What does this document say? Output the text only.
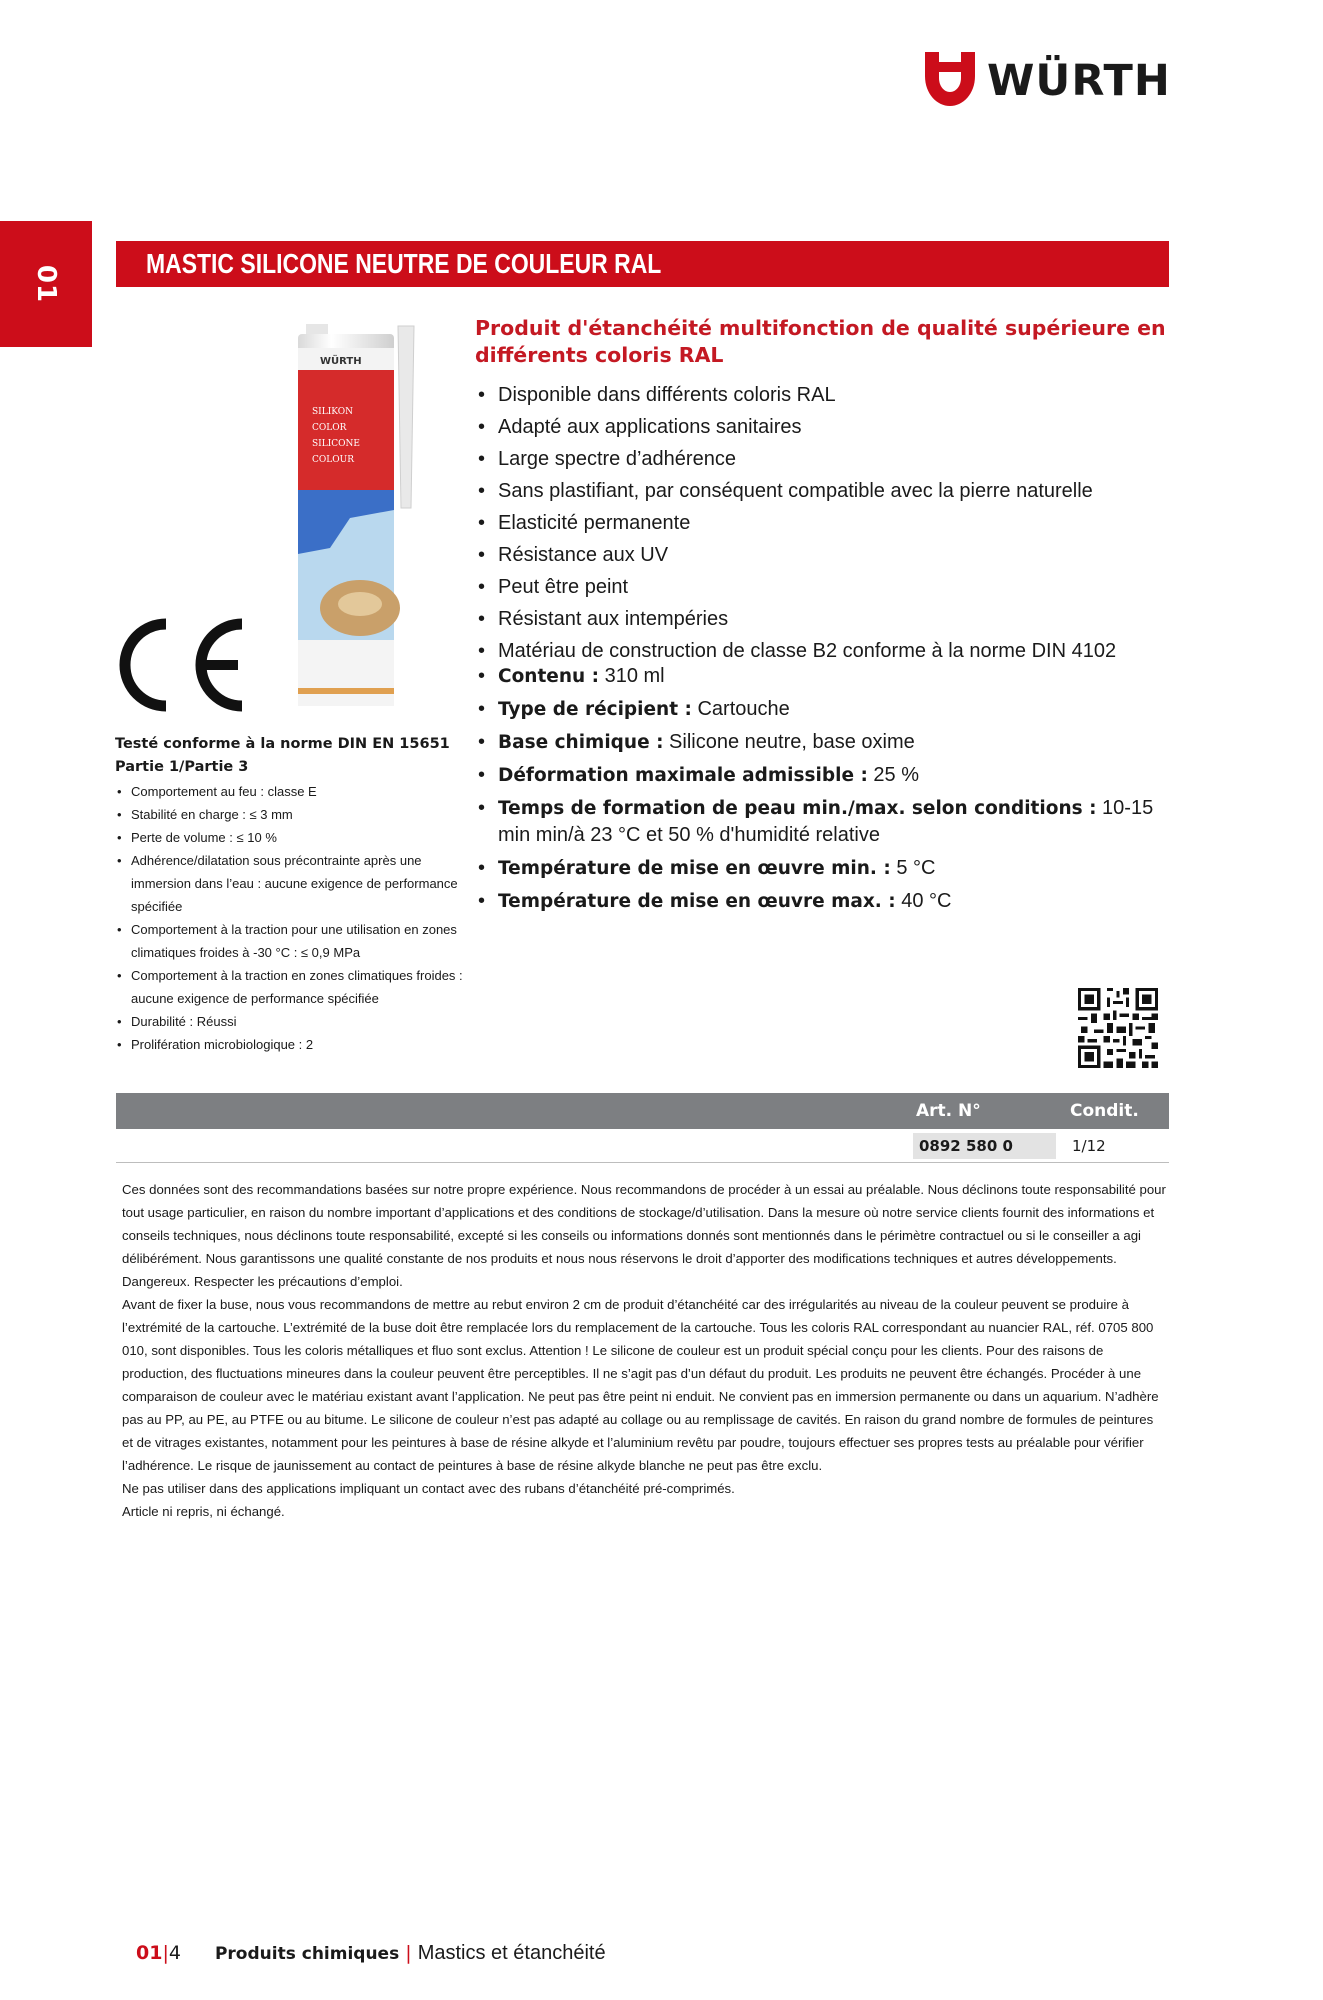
WÜRTH
01
MASTIC SILICONE NEUTRE DE COULEUR RAL
WÜRTH
SILIKON COLOR SILICONE COLOUR
Testé conforme à la norme DIN EN 15651 Partie 1/Partie 3
• Comportement au feu : classe E
• Stabilité en charge : ≤ 3 mm
• Perte de volume : ≤ 10 %
• Adhérence/dilatation sous précontrainte après une immersion dans l’eau : aucune exigence de performance spécifiée
• Comportement à la traction pour une utilisation en zones climatiques froides à -30 °C : ≤ 0,9 MPa
• Comportement à la traction en zones climatiques froides : aucune exigence de performance spécifiée
• Durabilité : Réussi
• Prolifération microbiologique : 2
Produit d'étanchéité multifonction de qualité supérieure en différents coloris RAL
• Disponible dans différents coloris RAL
• Adapté aux applications sanitaires
• Large spectre d’adhérence
• Sans plastifiant, par conséquent compatible avec la pierre naturelle
• Elasticité permanente
• Résistance aux UV
• Peut être peint
• Résistant aux intempéries
• Matériau de construction de classe B2 conforme à la norme DIN 4102
• Contenu : 310 ml
• Type de récipient : Cartouche
• Base chimique : Silicone neutre, base oxime
• Déformation maximale admissible : 25 %
• Temps de formation de peau min./max. selon conditions : 10-15 min min/à 23 °C et 50 % d'humidité relative
• Température de mise en œuvre min. : 5 °C
• Température de mise en œuvre max. : 40 °C
Art. N°	Condit.
0892 580 0	1/12

Ces données sont des recommandations basées sur notre propre expérience. Nous recommandons de procéder à un essai au préalable. Nous déclinons toute responsabilité pour tout usage particulier, en raison du nombre important d’applications et des conditions de stockage/d’utilisation. Dans la mesure où notre service clients fournit des informations et conseils techniques, nous déclinons toute responsabilité, excepté si les conseils ou informations donnés sont mentionnés dans le périmètre contractuel ou si le conseiller a agi délibérément. Nous garantissons une qualité constante de nos produits et nous nous réservons le droit d’apporter des modifications techniques et autres développements.

Dangereux. Respecter les précautions d’emploi.

Avant de fixer la buse, nous vous recommandons de mettre au rebut environ 2 cm de produit d’étanchéité car des irrégularités au niveau de la couleur peuvent se produire à l’extrémité de la cartouche. L’extrémité de la buse doit être remplacée lors du remplacement de la cartouche. Tous les coloris RAL correspondant au nuancier RAL, réf. 0705 800 010, sont disponibles. Tous les coloris métalliques et fluo sont exclus. Attention ! Le silicone de couleur est un produit spécial conçu pour les clients. Pour des raisons de production, des fluctuations mineures dans la couleur peuvent être perceptibles. Il ne s’agit pas d’un défaut du produit. Les produits ne peuvent être échangés. Procéder à une comparaison de couleur avec le matériau existant avant l’application. Ne peut pas être peint ni enduit. Ne convient pas en immersion permanente ou dans un aquarium. N’adhère pas au PP, au PE, au PTFE ou au bitume. Le silicone de couleur n’est pas adapté au collage ou au remplissage de cavités. En raison du grand nombre de formules de peintures et de vitrages existantes, notamment pour les peintures à base de résine alkyde et l’aluminium revêtu par poudre, toujours effectuer ses propres tests au préalable pour vérifier l’adhérence. Le risque de jaunissement au contact de peintures à base de résine alkyde blanche ne peut pas être exclu.

Ne pas utiliser dans des applications impliquant un contact avec des rubans d’étanchéité pré-comprimés.

Article ni repris, ni échangé.

01|4 Produits chimiques | Mastics et étanchéité
